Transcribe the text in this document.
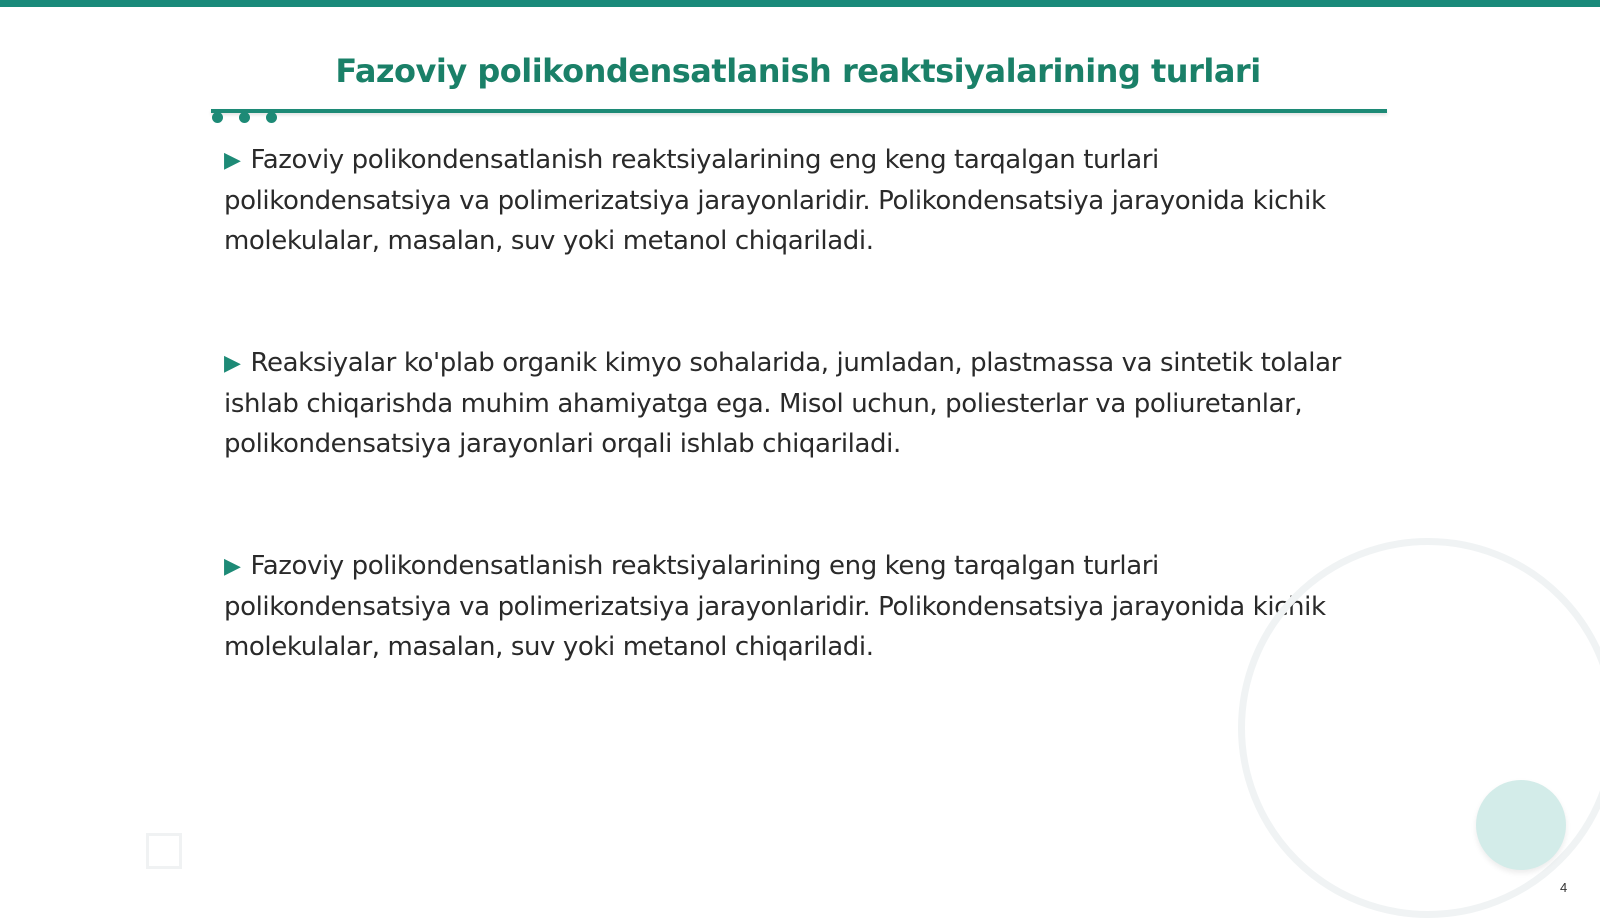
Fazoviy polikondensatlanish reaktsiyalarining turlari

▶ Fazoviy polikondensatlanish reaktsiyalarining eng keng tarqalgan turlari polikondensatsiya va polimerizatsiya jarayonlaridir. Polikondensatsiya jarayonida kichik molekulalar, masalan, suv yoki metanol chiqariladi.

▶ Reaksiyalar ko'plab organik kimyo sohalarida, jumladan, plastmassa va sintetik tolalar ishlab chiqarishda muhim ahamiyatga ega. Misol uchun, poliesterlar va poliuretanlar, polikondensatsiya jarayonlari orqali ishlab chiqariladi.

▶ Fazoviy polikondensatlanish reaktsiyalarining eng keng tarqalgan turlari polikondensatsiya va polimerizatsiya jarayonlaridir. Polikondensatsiya jarayonida kichik molekulalar, masalan, suv yoki metanol chiqariladi.

4
